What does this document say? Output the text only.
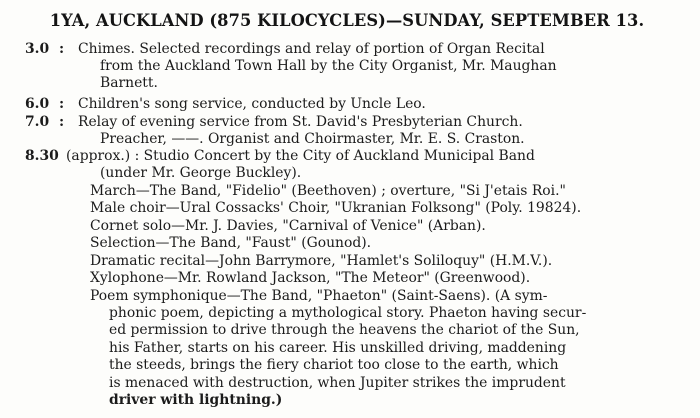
1YA, AUCKLAND (875 KILOCYCLES)—SUNDAY, SEPTEMBER 13.
3.0 : Chimes. Selected recordings and relay of portion of Organ Recital
from the Auckland Town Hall by the City Organist, Mr. Maughan
Barnett.
6.0 : Children's song service, conducted by Uncle Leo.
7.0 : Relay of evening service from St. David's Presbyterian Church.
Preacher, ——. Organist and Choirmaster, Mr. E. S. Craston.
8.30 (approx.) : Studio Concert by the City of Auckland Municipal Band
(under Mr. George Buckley).
March—The Band, "Fidelio" (Beethoven) ; overture, "Si J'etais Roi."
Male choir—Ural Cossacks' Choir, "Ukranian Folksong" (Poly. 19824).
Cornet solo—Mr. J. Davies, "Carnival of Venice" (Arban).
Selection—The Band, "Faust" (Gounod).
Dramatic recital—John Barrymore, "Hamlet's Soliloquy" (H.M.V.).
Xylophone—Mr. Rowland Jackson, "The Meteor" (Greenwood).
Poem symphonique—The Band, "Phaeton" (Saint-Saens). (A sym-
phonic poem, depicting a mythological story. Phaeton having secur-
ed permission to drive through the heavens the chariot of the Sun,
his Father, starts on his career. His unskilled driving, maddening
the steeds, brings the fiery chariot too close to the earth, which
is menaced with destruction, when Jupiter strikes the imprudent
driver with lightning.)
